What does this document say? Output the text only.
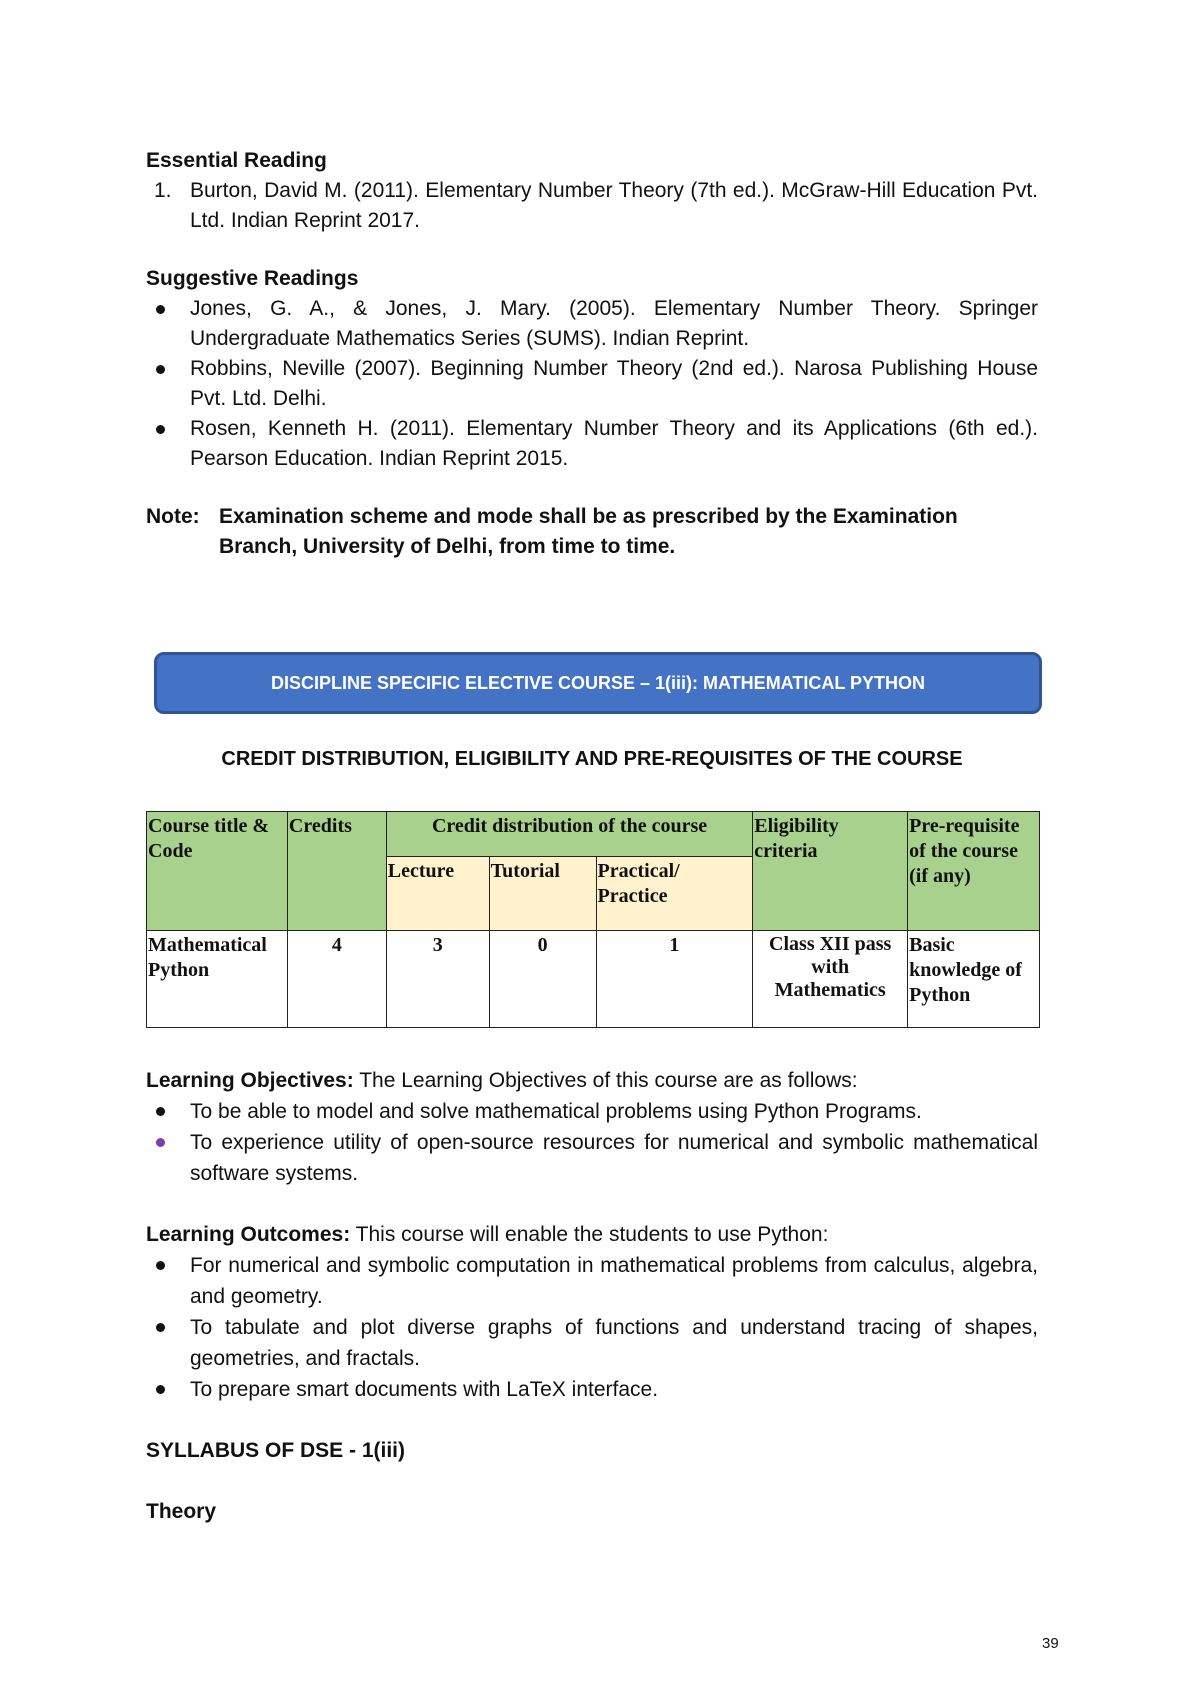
Essential Reading

1. Burton, David M. (2011). Elementary Number Theory (7th ed.). McGraw-Hill Education Pvt. Ltd. Indian Reprint 2017.

Suggestive Readings

Jones, G. A., & Jones, J. Mary. (2005). Elementary Number Theory. Springer Undergraduate Mathematics Series (SUMS). Indian Reprint.
Robbins, Neville (2007). Beginning Number Theory (2nd ed.). Narosa Publishing House Pvt. Ltd. Delhi.
Rosen, Kenneth H. (2011). Elementary Number Theory and its Applications (6th ed.). Pearson Education. Indian Reprint 2015.
Note: Examination scheme and mode shall be as prescribed by the Examination Branch, University of Delhi, from time to time.
DISCIPLINE SPECIFIC ELECTIVE COURSE – 1(iii): MATHEMATICAL PYTHON
CREDIT DISTRIBUTION, ELIGIBILITY AND PRE-REQUISITES OF THE COURSE
Course title & Code	Credits	Credit distribution of the course			Eligibility criteria	Pre-requisite of the course (if any)
		Lecture	Tutorial	Practical/ Practice		
Mathematical Python	4	3	0	1	Class XII pass with Mathematics	Basic knowledge of Python

Learning Objectives: The Learning Objectives of this course are as follows:

To be able to model and solve mathematical problems using Python Programs.
To experience utility of open-source resources for numerical and symbolic mathematical software systems.

Learning Outcomes: This course will enable the students to use Python:

For numerical and symbolic computation in mathematical problems from calculus, algebra, and geometry.
To tabulate and plot diverse graphs of functions and understand tracing of shapes, geometries, and fractals.
To prepare smart documents with LaTeX interface.

SYLLABUS OF DSE - 1(iii)

Theory

39
